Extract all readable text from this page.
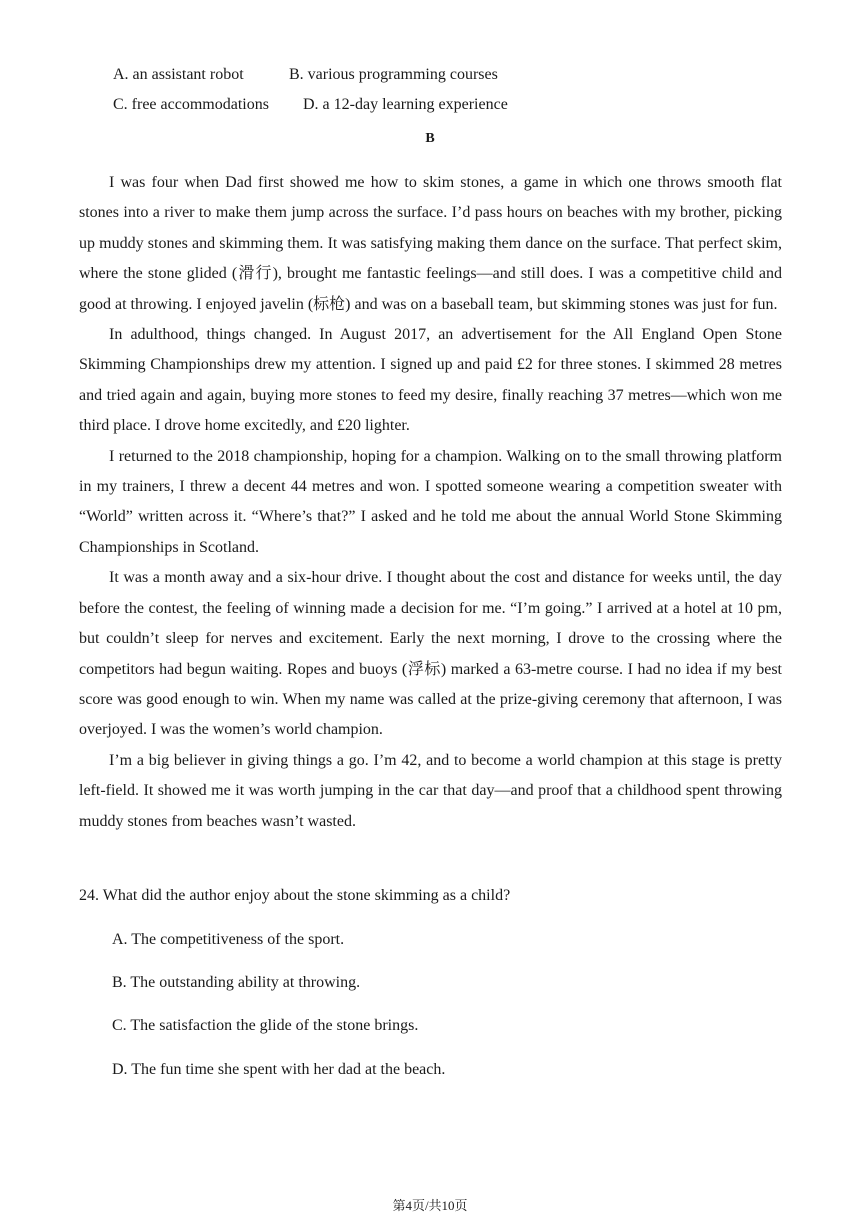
A. an assistant robot	B. various programming courses
C. free accommodations D. a 12-day learning experience
B

I was four when Dad first showed me how to skim stones, a game in which one throws smooth flat stones into a river to make them jump across the surface. I’d pass hours on beaches with my brother, picking up muddy stones and skimming them. It was satisfying making them dance on the surface. That perfect skim, where the stone glided (滑行), brought me fantastic feelings—and still does. I was a competitive child and good at throwing. I enjoyed javelin (标枪) and was on a baseball team, but skimming stones was just for fun.

In adulthood, things changed. In August 2017, an advertisement for the All England Open Stone Skimming Championships drew my attention. I signed up and paid £2 for three stones. I skimmed 28 metres and tried again and again, buying more stones to feed my desire, finally reaching 37 metres—which won me third place. I drove home excitedly, and £20 lighter.

I returned to the 2018 championship, hoping for a champion. Walking on to the small throwing platform in my trainers, I threw a decent 44 metres and won. I spotted someone wearing a competition sweater with “World” written across it. “Where’s that?” I asked and he told me about the annual World Stone Skimming Championships in Scotland.

It was a month away and a six-hour drive. I thought about the cost and distance for weeks until, the day before the contest, the feeling of winning made a decision for me. “I’m going.” I arrived at a hotel at 10 pm, but couldn’t sleep for nerves and excitement. Early the next morning, I drove to the crossing where the competitors had begun waiting. Ropes and buoys (浮标) marked a 63-metre course. I had no idea if my best score was good enough to win. When my name was called at the prize-giving ceremony that afternoon, I was overjoyed. I was the women’s world champion.

I’m a big believer in giving things a go. I’m 42, and to become a world champion at this stage is pretty left-field. It showed me it was worth jumping in the car that day—and proof that a childhood spent throwing muddy stones from beaches wasn’t wasted.

24. What did the author enjoy about the stone skimming as a child?
A. The competitiveness of the sport.
B. The outstanding ability at throwing.
C. The satisfaction the glide of the stone brings.
D. The fun time she spent with her dad at the beach.
第4页/共10页
